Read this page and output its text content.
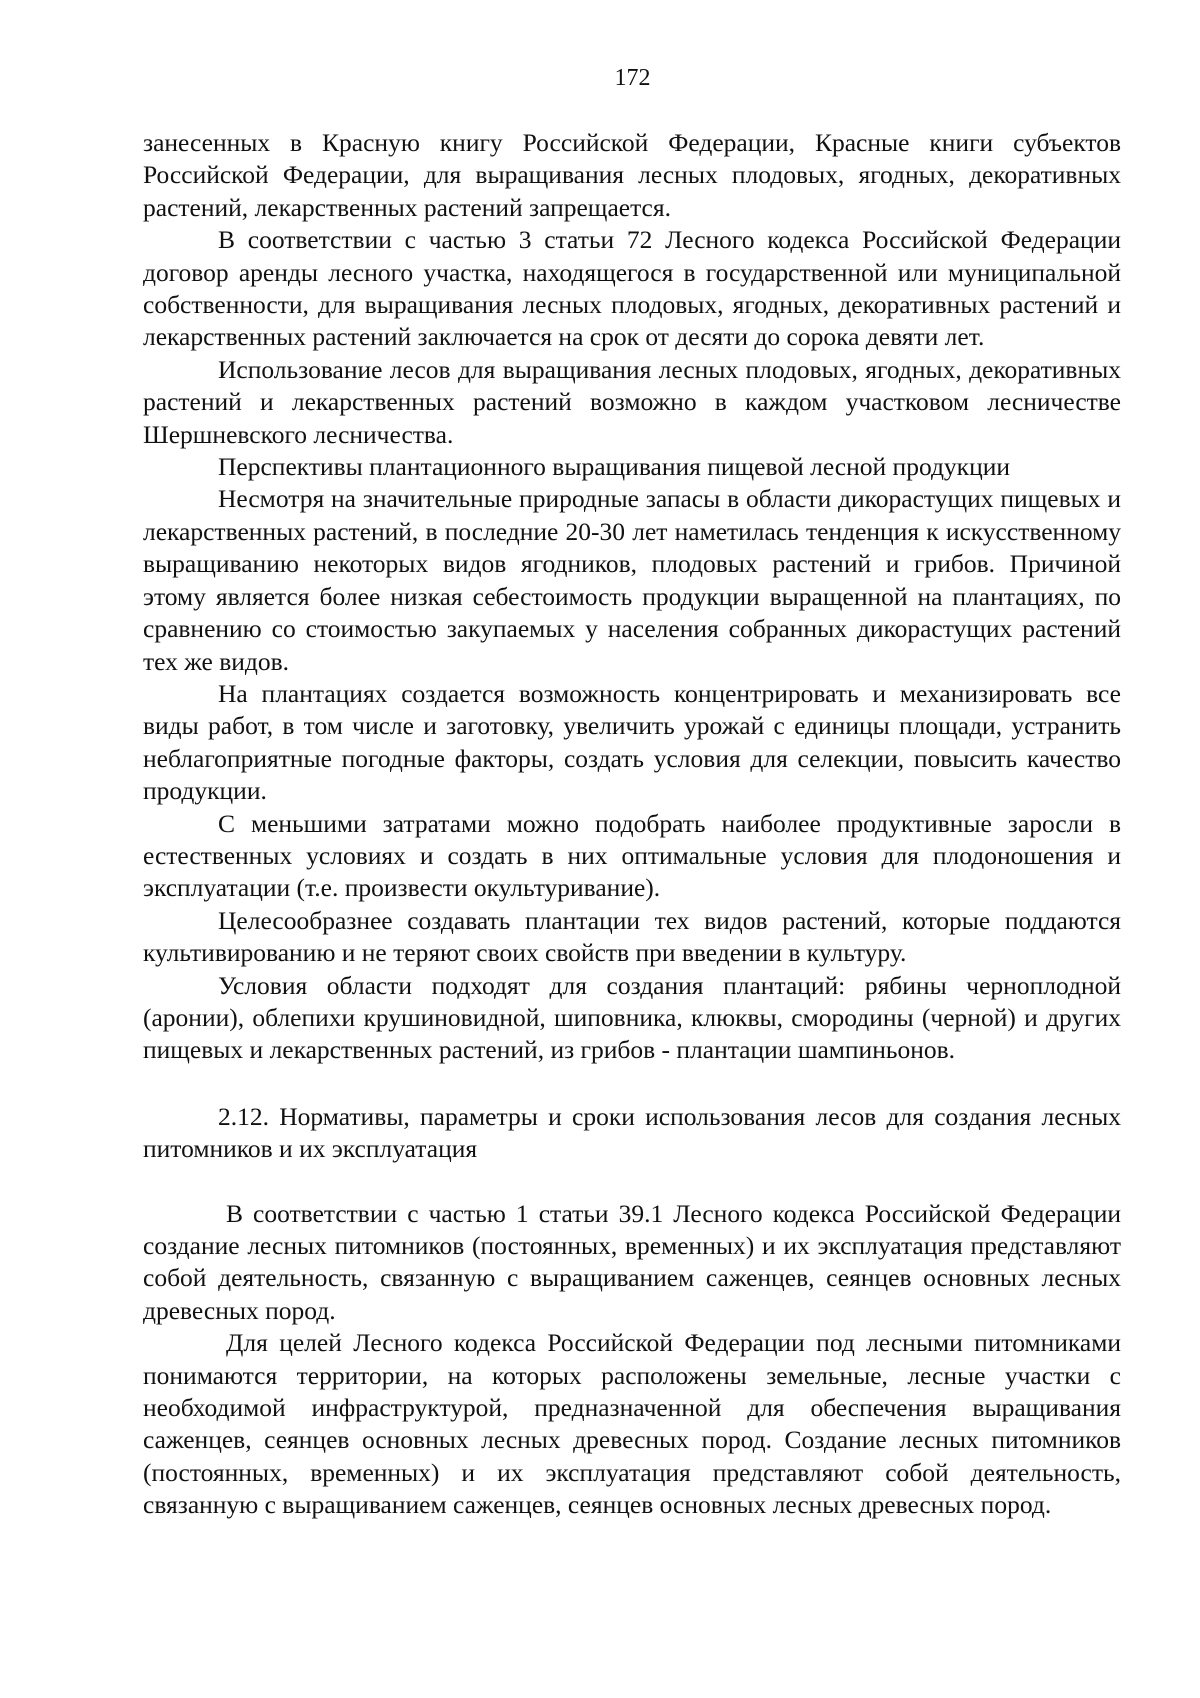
172

занесенных в Красную книгу Российской Федерации, Красные книги субъектов Российской Федерации, для выращивания лесных плодовых, ягодных, декоративных растений, лекарственных растений запрещается.

В соответствии с частью 3 статьи 72 Лесного кодекса Российской Федерации договор аренды лесного участка, находящегося в государственной или муниципальной собственности, для выращивания лесных плодовых, ягодных, декоративных растений и лекарственных растений заключается на срок от десяти до сорока девяти лет.

Использование лесов для выращивания лесных плодовых, ягодных, декоративных растений и лекарственных растений возможно в каждом участковом лесничестве Шершневского лесничества.

Перспективы плантационного выращивания пищевой лесной продукции

Несмотря на значительные природные запасы в области дикорастущих пищевых и лекарственных растений, в последние 20-30 лет наметилась тенденция к искусственному выращиванию некоторых видов ягодников, плодовых растений и грибов. Причиной этому является более низкая себестоимость продукции выращенной на плантациях, по сравнению со стоимостью закупаемых у населения собранных дикорастущих растений тех же видов.

На плантациях создается возможность концентрировать и механизировать все виды работ, в том числе и заготовку, увеличить урожай с единицы площади, устранить неблагоприятные погодные факторы, создать условия для селекции, повысить качество продукции.

С меньшими затратами можно подобрать наиболее продуктивные заросли в естественных условиях и создать в них оптимальные условия для плодоношения и эксплуатации (т.е. произвести окультуривание).

Целесообразнее создавать плантации тех видов растений, которые поддаются культивированию и не теряют своих свойств при введении в культуру.

Условия области подходят для создания плантаций: рябины черноплодной (аронии), облепихи крушиновидной, шиповника, клюквы, смородины (черной) и других пищевых и лекарственных растений, из грибов - плантации шампиньонов.

2.12. Нормативы, параметры и сроки использования лесов для создания лесных питомников и их эксплуатация

В соответствии с частью 1 статьи 39.1 Лесного кодекса Российской Федерации создание лесных питомников (постоянных, временных) и их эксплуатация представляют собой деятельность, связанную с выращиванием саженцев, сеянцев основных лесных древесных пород.

Для целей Лесного кодекса Российской Федерации под лесными питомниками понимаются территории, на которых расположены земельные, лесные участки с необходимой инфраструктурой, предназначенной для обеспечения выращивания саженцев, сеянцев основных лесных древесных пород. Создание лесных питомников (постоянных, временных) и их эксплуатация представляют собой деятельность, связанную с выращиванием саженцев, сеянцев основных лесных древесных пород.
